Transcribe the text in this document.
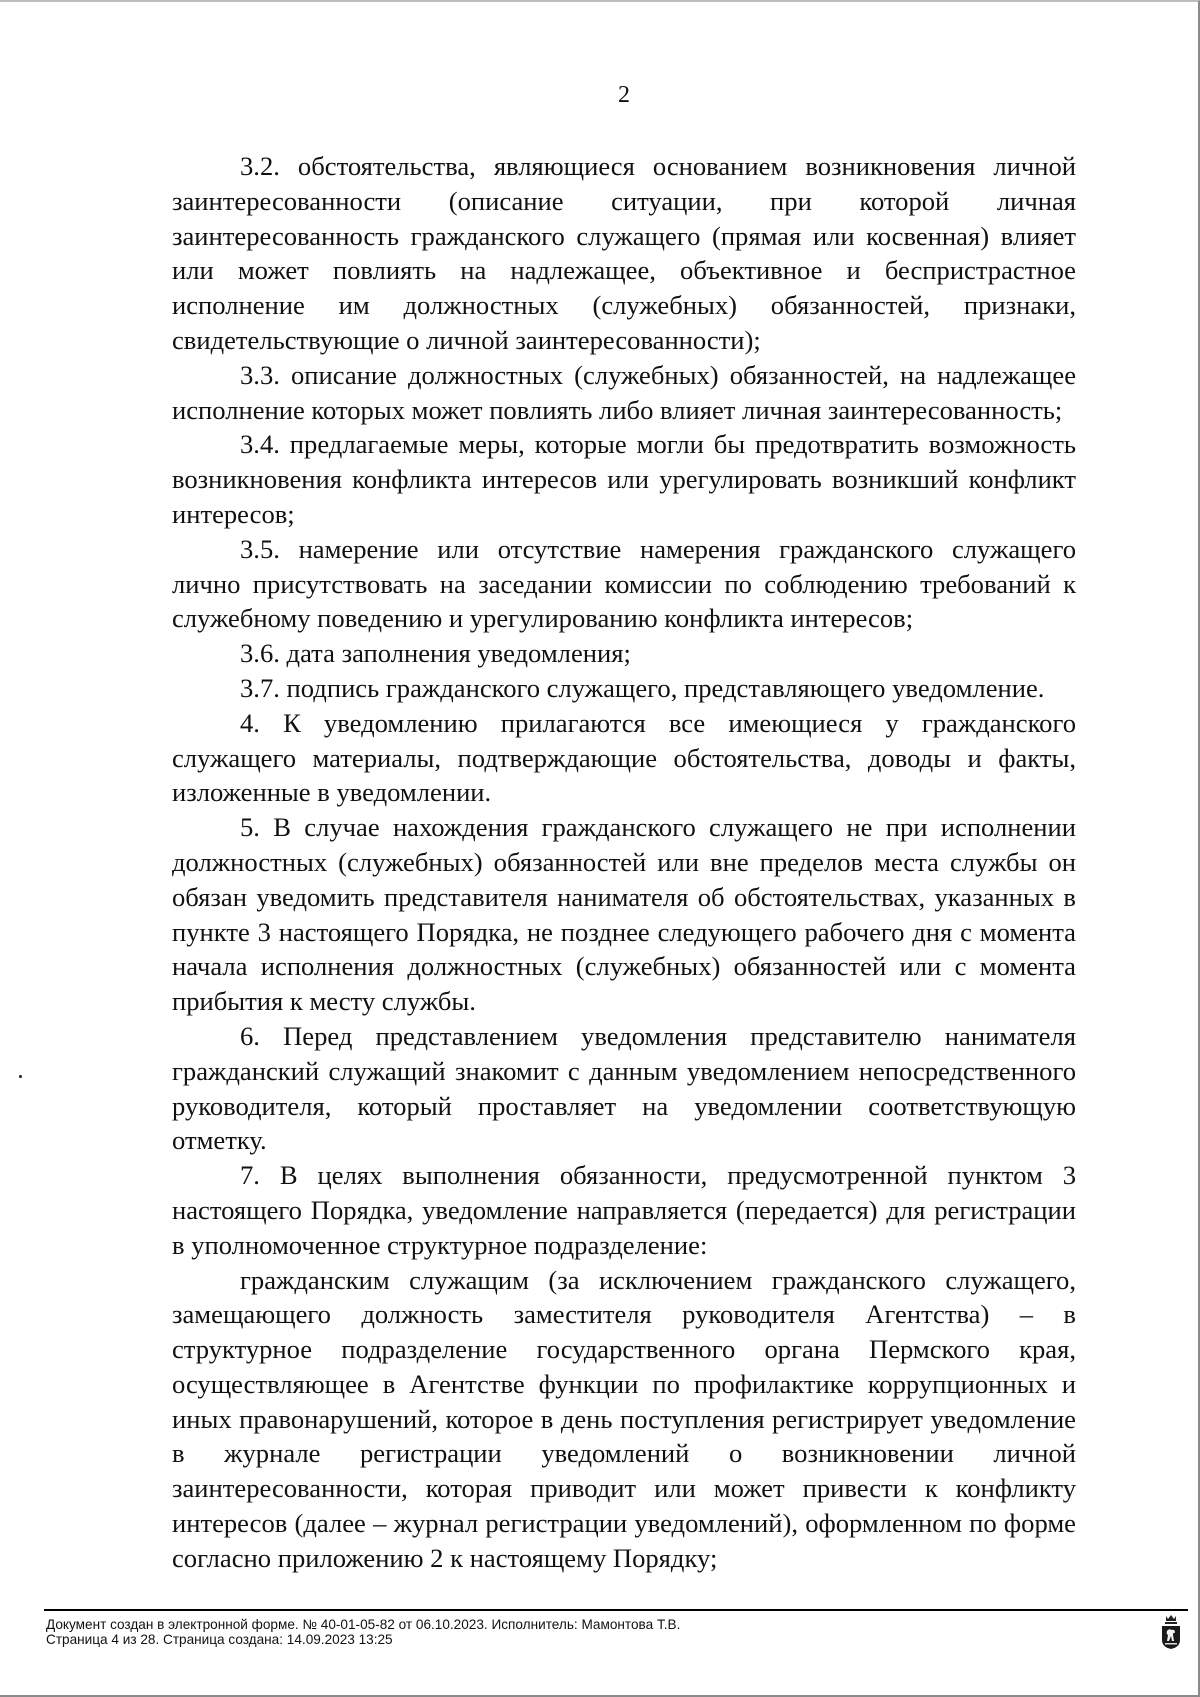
2

3.2. обстоятельства, являющиеся основанием возникновения личной заинтересованности (описание ситуации, при которой личная заинтересованность гражданского служащего (прямая или косвенная) влияет или может повлиять на надлежащее, объективное и беспристрастное исполнение им должностных (служебных) обязанностей, признаки, свидетельствующие о личной заинтересованности);

3.3. описание должностных (служебных) обязанностей, на надлежащее исполнение которых может повлиять либо влияет личная заинтересованность;

3.4. предлагаемые меры, которые могли бы предотвратить возможность возникновения конфликта интересов или урегулировать возникший конфликт интересов;

3.5. намерение или отсутствие намерения гражданского служащего лично присутствовать на заседании комиссии по соблюдению требований к служебному поведению и урегулированию конфликта интересов;

3.6. дата заполнения уведомления;

3.7. подпись гражданского служащего, представляющего уведомление.

4. К уведомлению прилагаются все имеющиеся у гражданского служащего материалы, подтверждающие обстоятельства, доводы и факты, изложенные в уведомлении.

5. В случае нахождения гражданского служащего не при исполнении должностных (служебных) обязанностей или вне пределов места службы он обязан уведомить представителя нанимателя об обстоятельствах, указанных в пункте 3 настоящего Порядка, не позднее следующего рабочего дня с момента начала исполнения должностных (служебных) обязанностей или с момента прибытия к месту службы.

6. Перед представлением уведомления представителю нанимателя гражданский служащий знакомит с данным уведомлением непосредственного руководителя, который проставляет на уведомлении соответствующую отметку.

7. В целях выполнения обязанности, предусмотренной пунктом 3 настоящего Порядка, уведомление направляется (передается) для регистрации в уполномоченное структурное подразделение:

гражданским служащим (за исключением гражданского служащего, замещающего должность заместителя руководителя Агентства) – в структурное подразделение государственного органа Пермского края, осуществляющее в Агентстве функции по профилактике коррупционных и иных правонарушений, которое в день поступления регистрирует уведомление в журнале регистрации уведомлений о возникновении личной заинтересованности, которая приводит или может привести к конфликту интересов (далее – журнал регистрации уведомлений), оформленном по форме согласно приложению 2 к настоящему Порядку;

Документ создан в электронной форме. № 40-01-05-82 от 06.10.2023. Исполнитель: Мамонтова Т.В.
Страница 4 из 28. Страница создана: 14.09.2023 13:25
